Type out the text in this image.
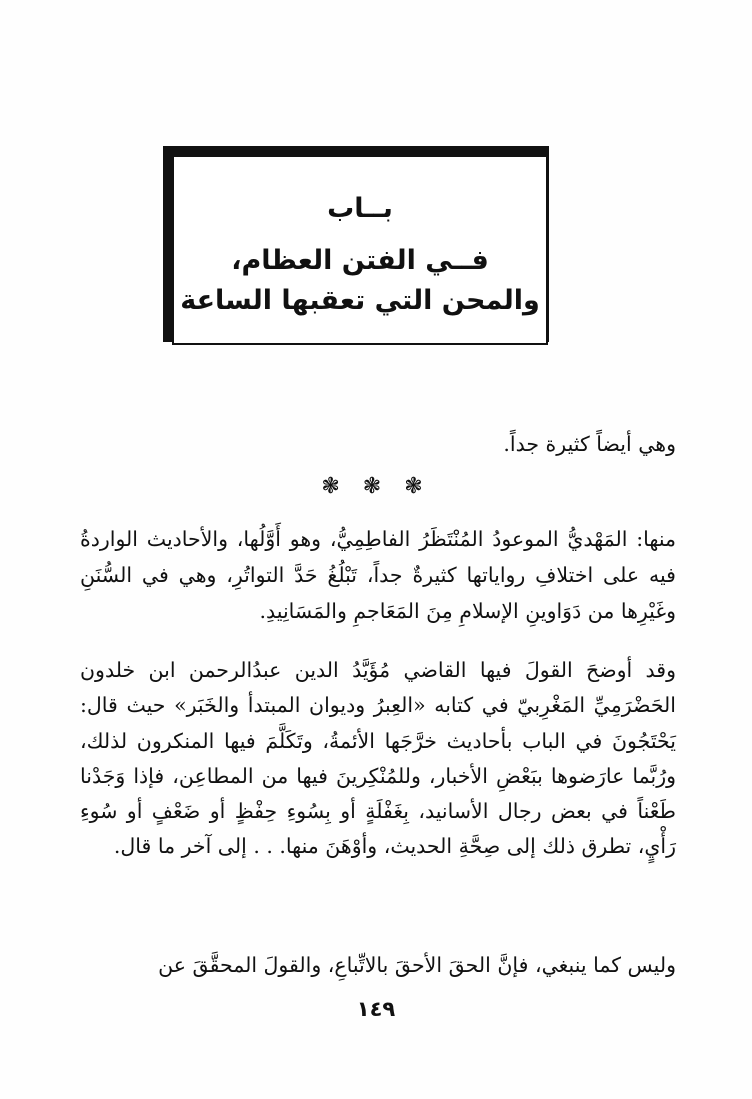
بــاب
فــي الفتن العظام،
والمحن التي تعقبها الساعة
وهي أيضاً كثيرة جداً.
❃ ❃ ❃

منها: المَهْديُّ الموعودُ المُنْتَظَرُ الفاطِمِيُّ، وهو أَوَّلُها، والأحاديث الواردةُ فيه على اختلافِ رواياتها كثيرةٌ جداً، تَبْلُغُ حَدَّ التواتُرِ، وهي في السُّنَنِ وغَيْرِها من دَوَاوينِ الإسلامِ مِنَ المَعَاجمِ والمَسَانِيدِ.

وقد أوضحَ القولَ فيها القاضي مُؤَيَّدُ الدين عبدُالرحمن ابن خلدون الحَضْرَمِيِّ المَغْرِبيّ في كتابه «العِبرُ وديوان المبتدأ والخَبَر» حيث قال: يَحْتَجُونَ في الباب بأحاديث خرَّجَها الأئمةُ، وتَكَلَّمَ فيها المنكرون لذلك، ورُبَّما عارَضوها ببَعْضِ الأخبار، وللمُنْكِرينَ فيها من المطاعِن، فإذا وَجَدْنا طَعْناً في بعض رجال الأسانيد، بِغَفْلَةٍ أو بِسُوءِ حِفْظٍ أو ضَعْفٍ أو سُوءِ رَأْيٍ، تطرق ذلك إلى صِحَّةِ الحديث، وأوْهَنَ منها. . . إلى آخر ما قال.

وليس كما ينبغي، فإنَّ الحقَ الأحقَ بالاتِّباعِ، والقولَ المحقَّقَ عن

١٤٩
